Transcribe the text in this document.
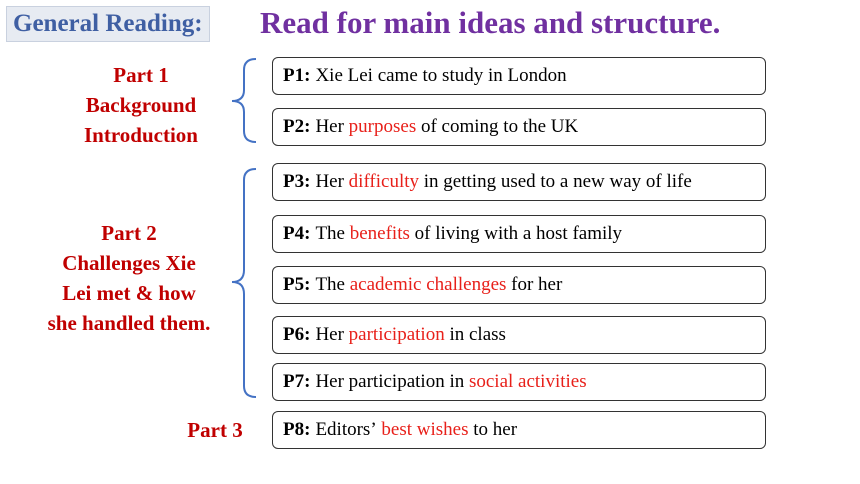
General Reading: Read for main ideas and structure.
Part 1
Background
Introduction
Part 2
Challenges Xie
Lei met & how
she handled them.
Part 3
P1: Xie Lei came to study in London
P2: Her
purposes
of coming to the UK
P3: Her
difficulty
in getting used to a new way of life
P4: The
benefits
of living with a host family
P5: The
academic challenges
for her
P6: Her
participation
in class
P7: Her participation in
social activities
P8: Editors’
best wishes
to her
